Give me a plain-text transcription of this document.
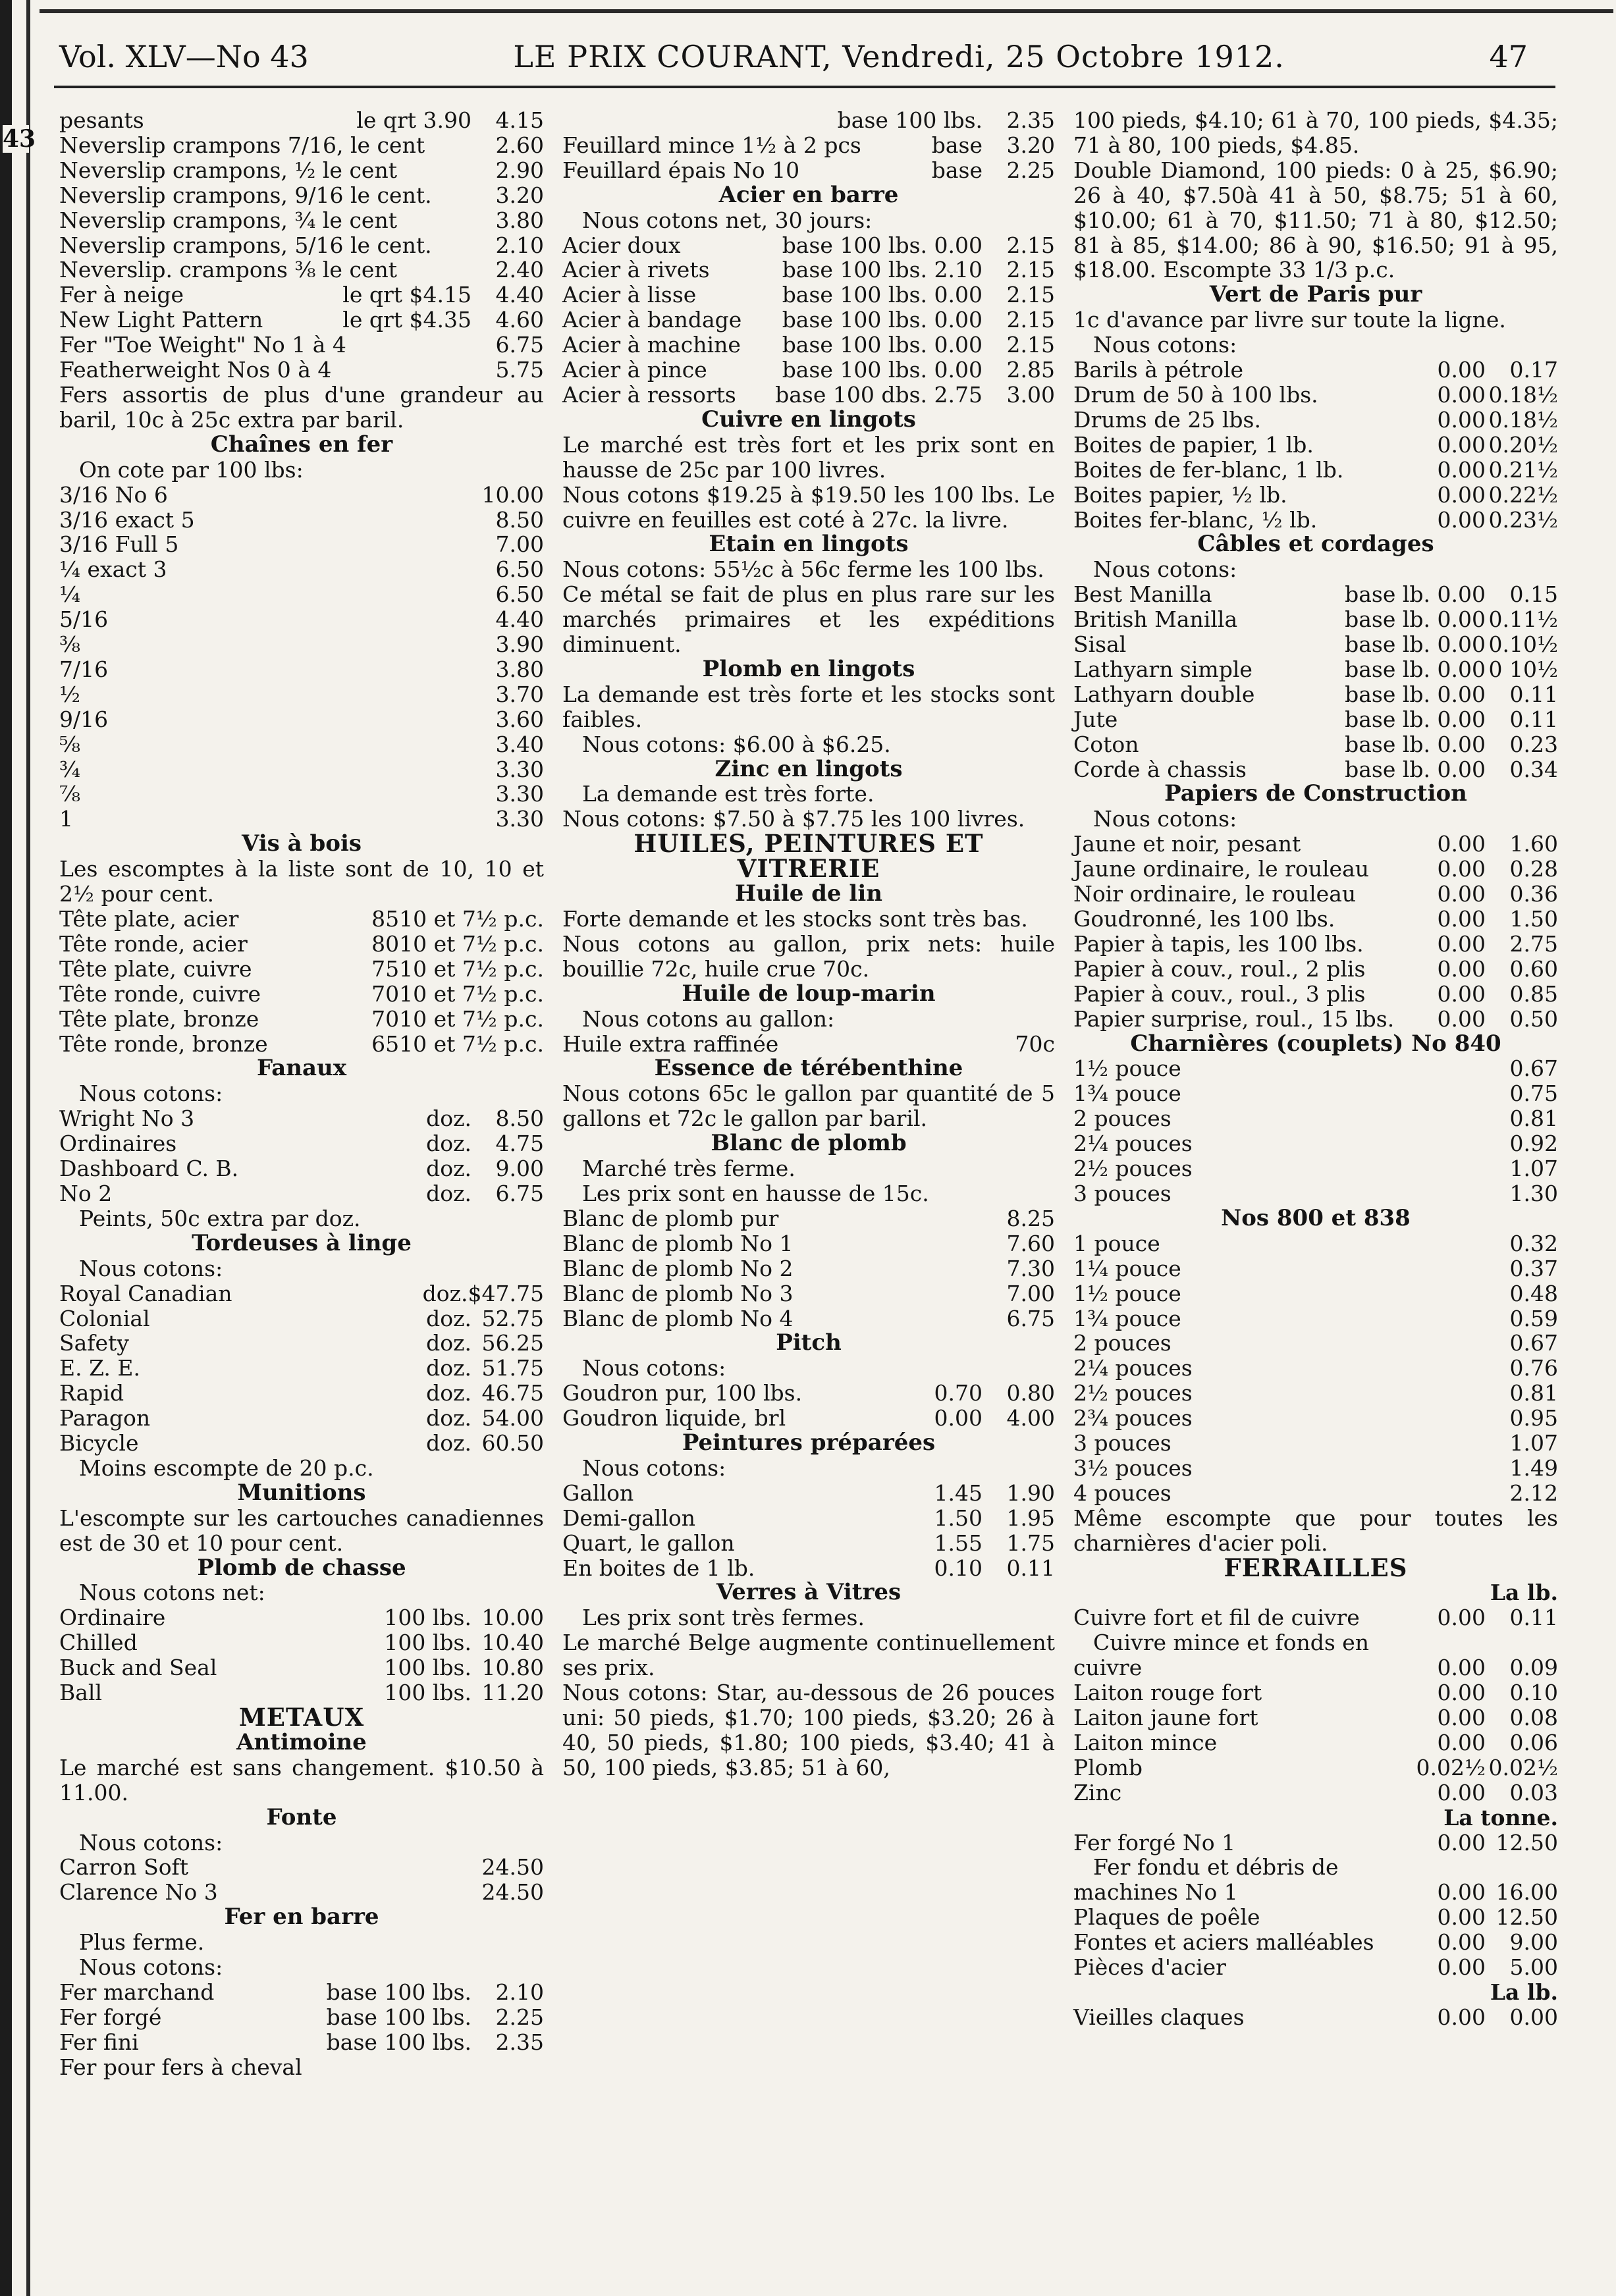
43
Vol. XLV—No 43	LE PRIX COURANT, Vendredi, 25 Octobre 1912.	47
pesants	le qrt 3.90	4.15
Neverslip crampons 7/16, le cent	2.60
Neverslip crampons, ½ le cent	2.90
Neverslip crampons, 9/16 le cent.	3.20
Neverslip crampons, ¾ le cent	3.80
Neverslip crampons, 5/16 le cent.	2.10
Neverslip. crampons ⅜ le cent	2.40
Fer à neige	le qrt $4.15	4.40
New Light Pattern	le qrt $4.35	4.60
Fer "Toe Weight" No 1 à 4	6.75
Featherweight Nos 0 à 4	5.75
Fers assortis de plus d'une grandeur au baril, 10c à 25c extra par baril.
Chaînes en fer
On cote par 100 lbs:
3/16 No 6	10.00
3/16 exact 5	8.50
3/16 Full 5	7.00
¼ exact 3	6.50
¼	6.50
5/16	4.40
⅜	3.90
7/16	3.80
½	3.70
9/16	3.60
⅝	3.40
¾	3.30
⅞	3.30
1	3.30
Vis à bois
Les escomptes à la liste sont de 10, 10 et 2½ pour cent.
Tête plate, acier	85 10 et 7½ p.c.
Tête ronde, acier	80 10 et 7½ p.c.
Tête plate, cuivre	75 10 et 7½ p.c.
Tête ronde, cuivre	70 10 et 7½ p.c.
Tête plate, bronze	70 10 et 7½ p.c.
Tête ronde, bronze	65 10 et 7½ p.c.
Fanaux
Nous cotons:
Wright No 3	doz.	8.50
Ordinaires	doz.	4.75
Dashboard C. B.	doz.	9.00
No 2	doz.	6.75
Peints, 50c extra par doz.
Tordeuses à linge
Nous cotons:
Royal Canadian	doz. $47.75
Colonial	doz. 52.75
Safety	doz. 56.25
E. Z. E.	doz. 51.75
Rapid	doz. 46.75
Paragon	doz. 54.00
Bicycle	doz. 60.50
Moins escompte de 20 p.c.
Munitions
L'escompte sur les cartouches canadiennes est de 30 et 10 pour cent.
Plomb de chasse
Nous cotons net:
Ordinaire	100 lbs. 10.00
Chilled	100 lbs. 10.40
Buck and Seal	100 lbs. 10.80
Ball	100 lbs. 11.20
METAUX
Antimoine
Le marché est sans changement. $10.50 à 11.00.
Fonte
Nous cotons:
Carron Soft	24.50
Clarence No 3	24.50
Fer en barre
Plus ferme.
Nous cotons:
Fer marchand	base 100 lbs.	2.10
Fer forgé	base 100 lbs.	2.25
Fer fini	base 100 lbs.	2.35
Fer pour fers à cheval
base 100 lbs.	2.35
Feuillard mince 1½ à 2 pcs	base	3.20
Feuillard épais No 10	base	2.25
Acier en barre
Nous cotons net, 30 jours:
Acier doux	base 100 lbs. 0.00	2.15
Acier à rivets	base 100 lbs. 2.10	2.15
Acier à lisse	base 100 lbs. 0.00	2.15
Acier à bandage	base 100 lbs. 0.00	2.15
Acier à machine	base 100 lbs. 0.00	2.15
Acier à pince	base 100 lbs. 0.00	2.85
Acier à ressorts	base 100 dbs. 2.75	3.00
Cuivre en lingots
Le marché est très fort et les prix sont en hausse de 25c par 100 livres.
Nous cotons $19.25 à $19.50 les 100 lbs. Le cuivre en feuilles est coté à 27c. la livre.
Etain en lingots
Nous cotons: 55½c à 56c ferme les 100 lbs.
Ce métal se fait de plus en plus rare sur les marchés primaires et les expéditions diminuent.
Plomb en lingots
La demande est très forte et les stocks sont faibles.
Nous cotons: $6.00 à $6.25.
Zinc en lingots
La demande est très forte.
Nous cotons: $7.50 à $7.75 les 100 livres.
HUILES, PEINTURES ET VITRERIE
Huile de lin
Forte demande et les stocks sont très bas.
Nous cotons au gallon, prix nets: huile bouillie 72c, huile crue 70c.
Huile de loup-marin
Nous cotons au gallon:
Huile extra raffinée	70c
Essence de térébenthine
Nous cotons 65c le gallon par quantité de 5 gallons et 72c le gallon par baril.
Blanc de plomb
Marché très ferme.
Les prix sont en hausse de 15c.
Blanc de plomb pur	8.25
Blanc de plomb No 1	7.60
Blanc de plomb No 2	7.30
Blanc de plomb No 3	7.00
Blanc de plomb No 4	6.75
Pitch
Nous cotons:
Goudron pur, 100 lbs.	0.70	0.80
Goudron liquide, brl	0.00	4.00
Peintures préparées
Nous cotons:
Gallon	1.45	1.90
Demi-gallon	1.50	1.95
Quart, le gallon	1.55	1.75
En boites de 1 lb.	0.10	0.11
Verres à Vitres
Les prix sont très fermes.
Le marché Belge augmente continuellement ses prix.
Nous cotons: Star, au-dessous de 26 pouces uni: 50 pieds, $1.70; 100 pieds, $3.20; 26 à 40, 50 pieds, $1.80; 100 pieds, $3.40; 41 à 50, 100 pieds, $3.85; 51 à 60,
100 pieds, $4.10; 61 à 70, 100 pieds, $4.35; 71 à 80, 100 pieds, $4.85.
Double Diamond, 100 pieds: 0 à 25, $6.90; 26 à 40, $7.50à 41 à 50, $8.75; 51 à 60, $10.00; 61 à 70, $11.50; 71 à 80, $12.50; 81 à 85, $14.00; 86 à 90, $16.50; 91 à 95, $18.00. Escompte 33 1/3 p.c.
Vert de Paris pur
1c d'avance par livre sur toute la ligne.
Nous cotons:
Barils à pétrole	0.00	0.17
Drum de 50 à 100 lbs.	0.00 0.18½
Drums de 25 lbs.	0.00 0.18½
Boites de papier, 1 lb.	0.00 0.20½
Boites de fer-blanc, 1 lb.	0.00 0.21½
Boites papier, ½ lb.	0.00 0.22½
Boites fer-blanc, ½ lb.	0.00 0.23½
Câbles et cordages
Nous cotons:
Best Manilla	base lb. 0.00	0.15
British Manilla	base lb. 0.00 0.11½
Sisal	base lb. 0.00 0.10½
Lathyarn simple	base lb. 0.00 0 10½
Lathyarn double	base lb. 0.00	0.11
Jute	base lb. 0.00	0.11
Coton	base lb. 0.00	0.23
Corde à chassis	base lb. 0.00	0.34
Papiers de Construction
Nous cotons:
Jaune et noir, pesant	0.00	1.60
Jaune ordinaire, le rouleau	0.00	0.28
Noir ordinaire, le rouleau	0.00	0.36
Goudronné, les 100 lbs.	0.00	1.50
Papier à tapis, les 100 lbs.	0.00	2.75
Papier à couv., roul., 2 plis	0.00	0.60
Papier à couv., roul., 3 plis	0.00	0.85
Papier surprise, roul., 15 lbs.	0.00	0.50
Charnières (couplets) No 840
1½ pouce	0.67
1¾ pouce	0.75
2 pouces	0.81
2¼ pouces	0.92
2½ pouces	1.07
3 pouces	1.30
Nos 800 et 838
1 pouce	0.32
1¼ pouce	0.37
1½ pouce	0.48
1¾ pouce	0.59
2 pouces	0.67
2¼ pouces	0.76
2½ pouces	0.81
2¾ pouces	0.95
3 pouces	1.07
3½ pouces	1.49
4 pouces	2.12
Même escompte que pour toutes les charnières d'acier poli.
FERRAILLES
La lb.
Cuivre fort et fil de cuivre	0.00	0.11
Cuivre mince et fonds en
cuivre	0.00	0.09
Laiton rouge fort	0.00	0.10
Laiton jaune fort	0.00	0.08
Laiton mince	0.00	0.06
Plomb	0.02½ 0.02½
Zinc	0.00	0.03
La tonne.
Fer forgé No 1	0.00 12.50
Fer fondu et débris de
machines No 1	0.00 16.00
Plaques de poêle	0.00 12.50
Fontes et aciers malléables	0.00	9.00
Pièces d'acier	0.00	5.00
La lb.
Vieilles claques	0.00	0.00
